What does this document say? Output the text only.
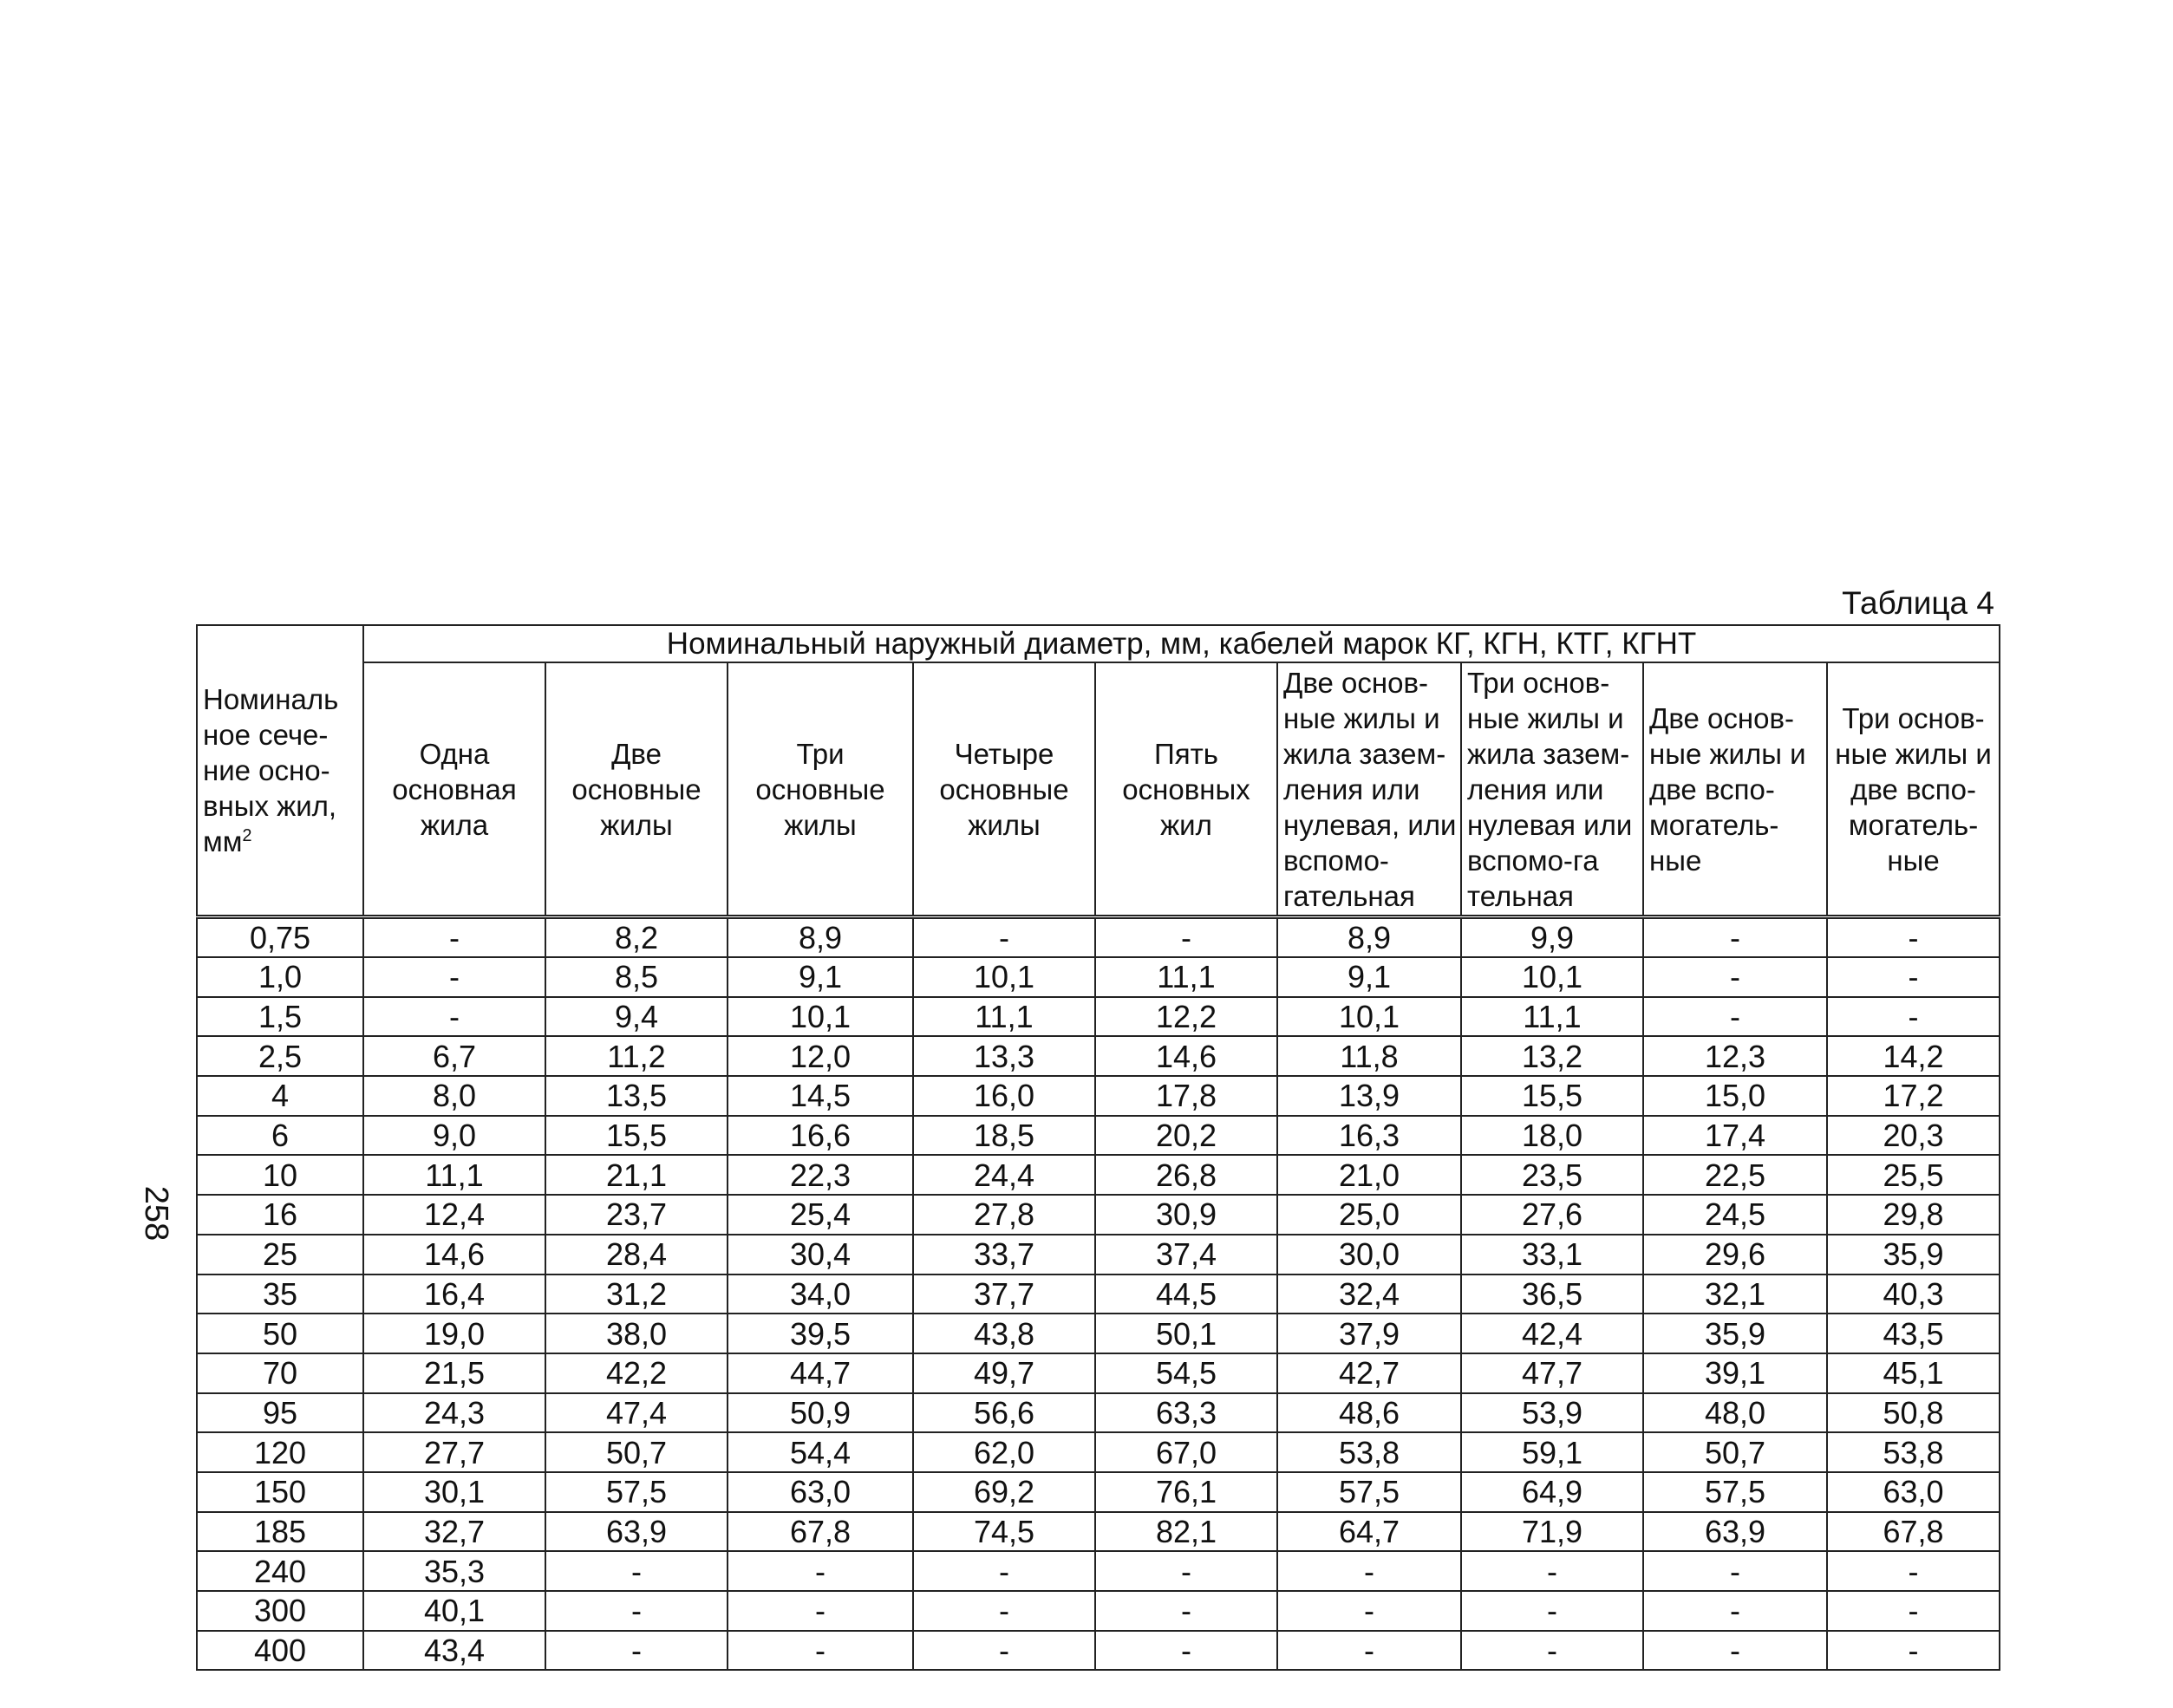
Таблица 4
258
Номиналь ное сече-ние осно-вных жил, $мм^2$	Номинальный наружный диаметр, мм, кабелей марок КГ, КГН, КТГ, КГНТ								
	Одна основная жила	Две основные жилы	Три основные жилы	Четыре основные жилы	Пять основных жил	Две основ-ные жилы и жила зазем-ления или нулевая, или вспомо-гательная	Три основ-ные жилы и жила зазем-ления или нулевая или вспомо-га тельная	Две основ-ные жилы и две вспо-могатель-ные	Три основ-ные жилы и две вспо-могатель-ные
0,75	-	8,2	8,9	-	-	8,9	9,9	-	-
1,0	-	8,5	9,1	10,1	11,1	9,1	10,1	-	-
1,5	-	9,4	10,1	11,1	12,2	10,1	11,1	-	-
2,5	6,7	11,2	12,0	13,3	14,6	11,8	13,2	12,3	14,2
4	8,0	13,5	14,5	16,0	17,8	13,9	15,5	15,0	17,2
6	9,0	15,5	16,6	18,5	20,2	16,3	18,0	17,4	20,3
10	11,1	21,1	22,3	24,4	26,8	21,0	23,5	22,5	25,5
16	12,4	23,7	25,4	27,8	30,9	25,0	27,6	24,5	29,8
25	14,6	28,4	30,4	33,7	37,4	30,0	33,1	29,6	35,9
35	16,4	31,2	34,0	37,7	44,5	32,4	36,5	32,1	40,3
50	19,0	38,0	39,5	43,8	50,1	37,9	42,4	35,9	43,5
70	21,5	42,2	44,7	49,7	54,5	42,7	47,7	39,1	45,1
95	24,3	47,4	50,9	56,6	63,3	48,6	53,9	48,0	50,8
120	27,7	50,7	54,4	62,0	67,0	53,8	59,1	50,7	53,8
150	30,1	57,5	63,0	69,2	76,1	57,5	64,9	57,5	63,0
185	32,7	63,9	67,8	74,5	82,1	64,7	71,9	63,9	67,8
240	35,3	-	-	-	-	-	-	-	-
300	40,1	-	-	-	-	-	-	-	-
400	43,4	-	-	-	-	-	-	-	-
